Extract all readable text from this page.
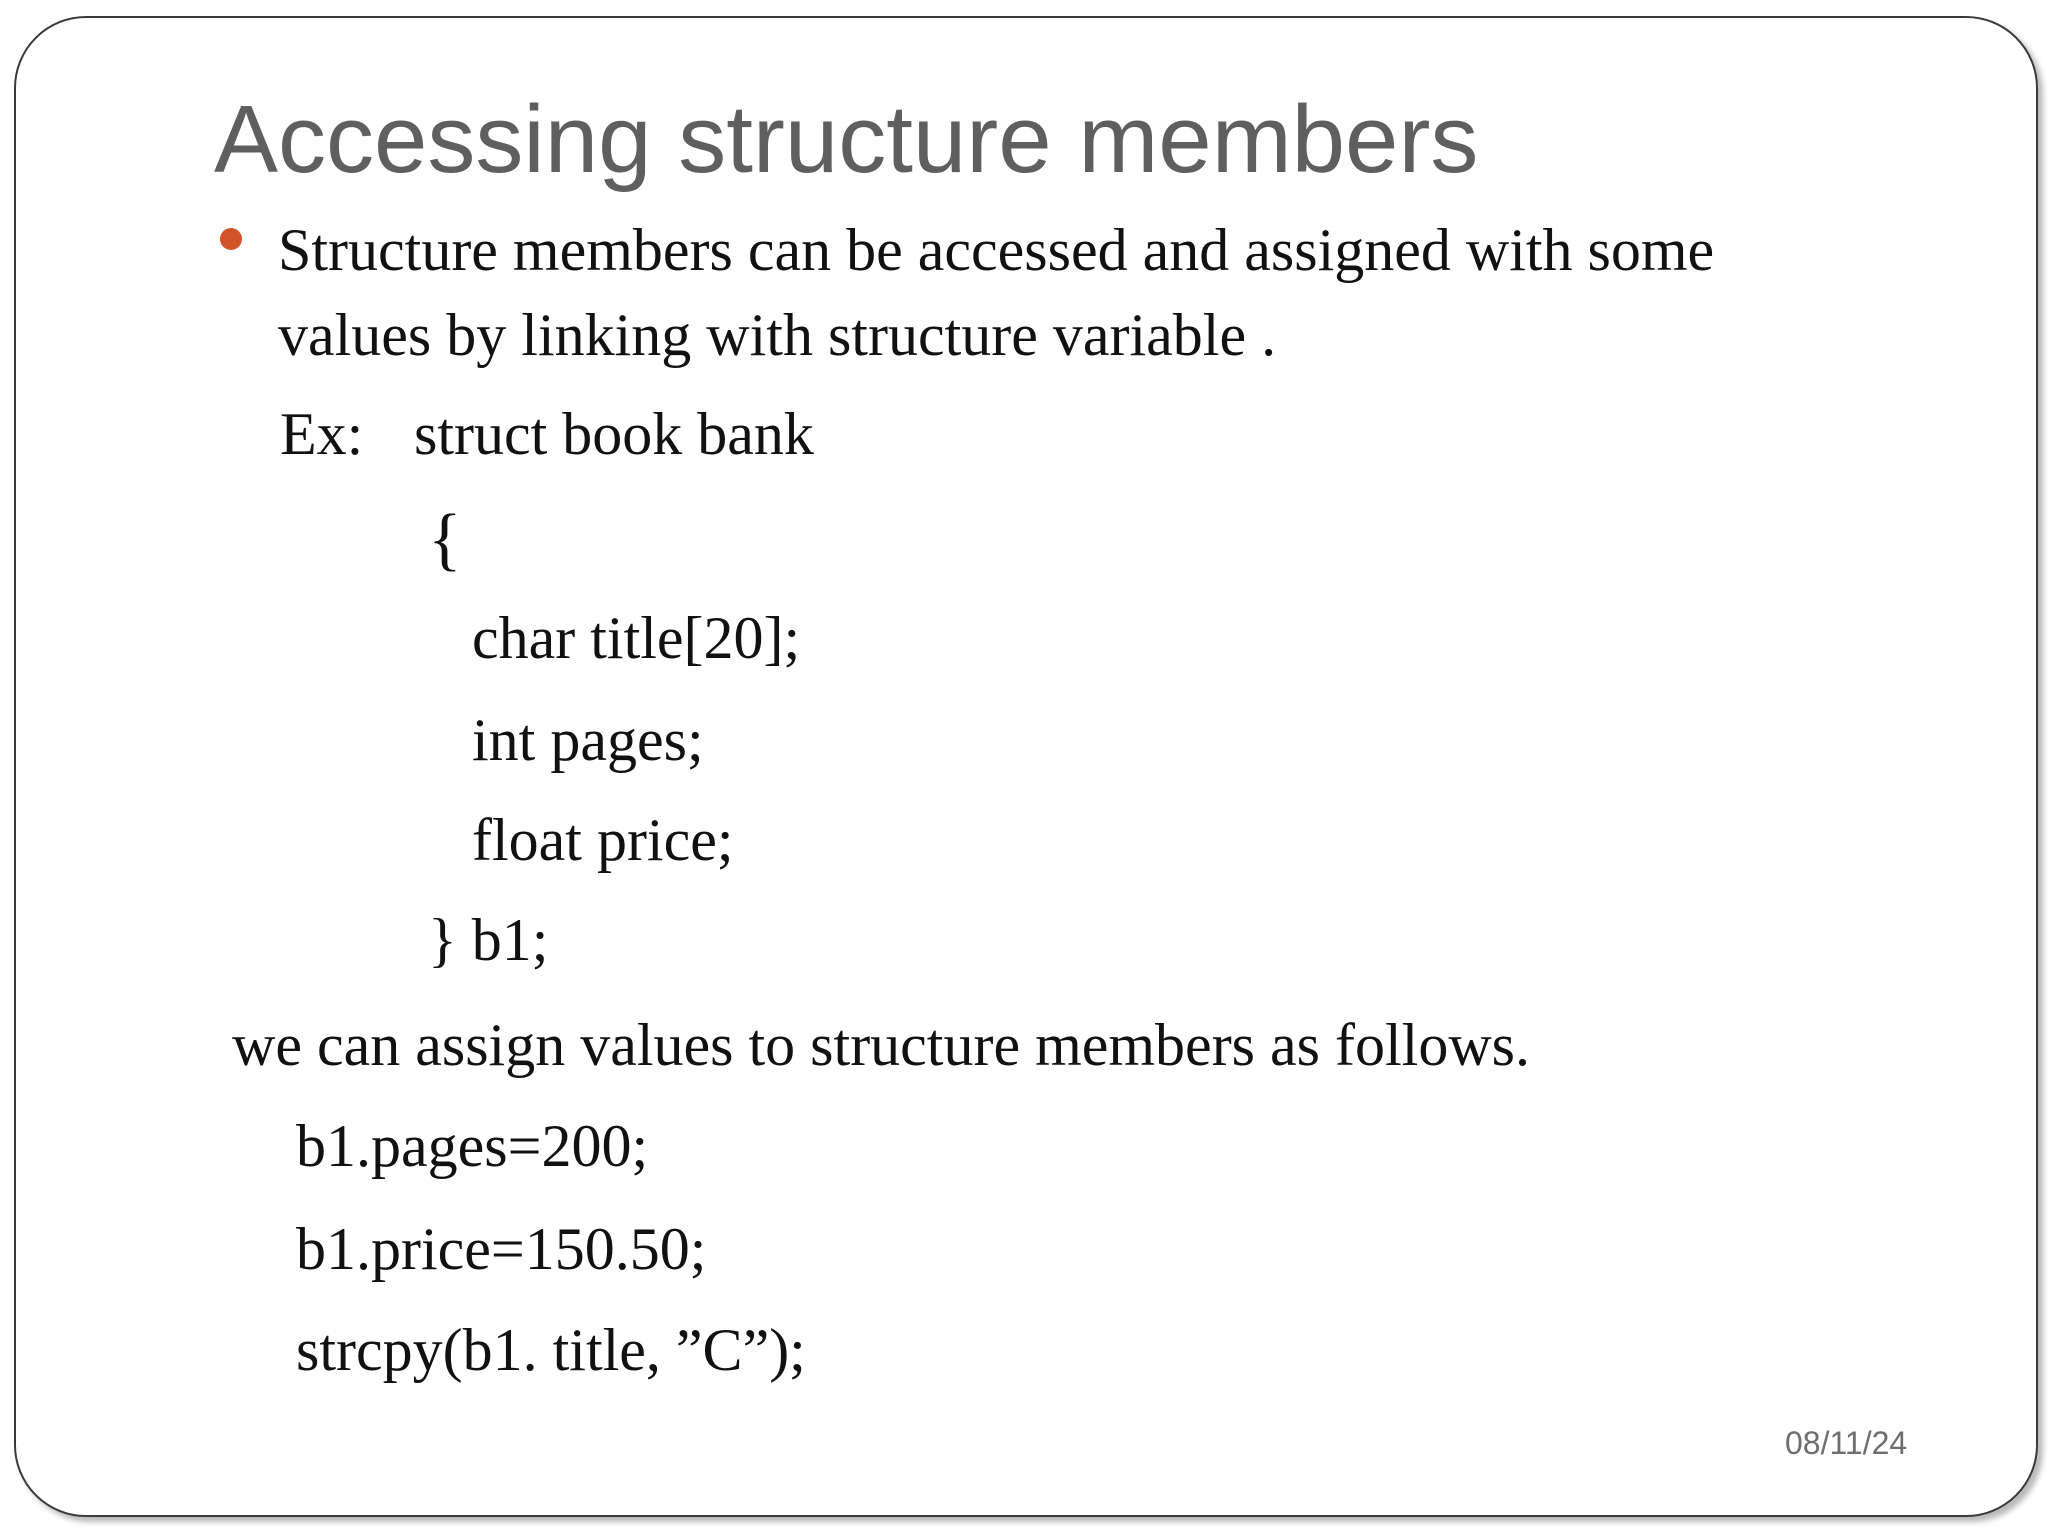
Accessing structure members

Structure members can be accessed and assigned with some

values by linking with structure variable .

Ex: struct book bank

{

char title[20];

int pages;

float price;

} b1;

we can assign values to structure members as follows.

b1.pages=200;

b1.price=150.50;

strcpy(b1. title, ”C”);

08/11/24
